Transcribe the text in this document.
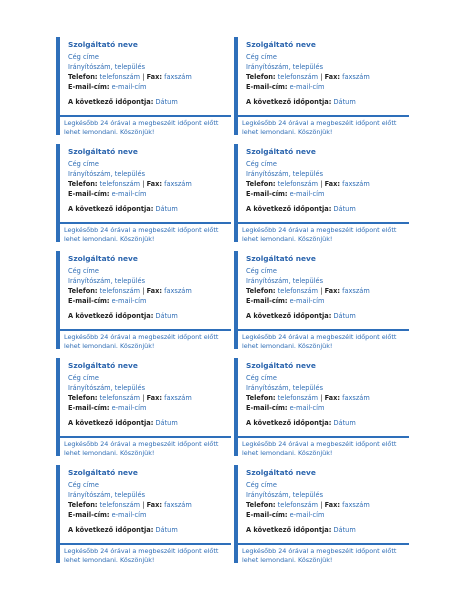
Szolgáltató neve
Cég címe
Irányítószám, település
Telefon: telefonszám | Fax: faxszám
E-mail-cím: e-mail-cím
A következő időpontja: Dátum
Legkésőbb 24 órával a megbeszélt időpont előtt lehet lemondani. Köszönjük!
Szolgáltató neve
Cég címe
Irányítószám, település
Telefon: telefonszám | Fax: faxszám
E-mail-cím: e-mail-cím
A következő időpontja: Dátum
Legkésőbb 24 órával a megbeszélt időpont előtt lehet lemondani. Köszönjük!
Szolgáltató neve
Cég címe
Irányítószám, település
Telefon: telefonszám | Fax: faxszám
E-mail-cím: e-mail-cím
A következő időpontja: Dátum
Legkésőbb 24 órával a megbeszélt időpont előtt lehet lemondani. Köszönjük!
Szolgáltató neve
Cég címe
Irányítószám, település
Telefon: telefonszám | Fax: faxszám
E-mail-cím: e-mail-cím
A következő időpontja: Dátum
Legkésőbb 24 órával a megbeszélt időpont előtt lehet lemondani. Köszönjük!
Szolgáltató neve
Cég címe
Irányítószám, település
Telefon: telefonszám | Fax: faxszám
E-mail-cím: e-mail-cím
A következő időpontja: Dátum
Legkésőbb 24 órával a megbeszélt időpont előtt lehet lemondani. Köszönjük!
Szolgáltató neve
Cég címe
Irányítószám, település
Telefon: telefonszám | Fax: faxszám
E-mail-cím: e-mail-cím
A következő időpontja: Dátum
Legkésőbb 24 órával a megbeszélt időpont előtt lehet lemondani. Köszönjük!
Szolgáltató neve
Cég címe
Irányítószám, település
Telefon: telefonszám | Fax: faxszám
E-mail-cím: e-mail-cím
A következő időpontja: Dátum
Legkésőbb 24 órával a megbeszélt időpont előtt lehet lemondani. Köszönjük!
Szolgáltató neve
Cég címe
Irányítószám, település
Telefon: telefonszám | Fax: faxszám
E-mail-cím: e-mail-cím
A következő időpontja: Dátum
Legkésőbb 24 órával a megbeszélt időpont előtt lehet lemondani. Köszönjük!
Szolgáltató neve
Cég címe
Irányítószám, település
Telefon: telefonszám | Fax: faxszám
E-mail-cím: e-mail-cím
A következő időpontja: Dátum
Legkésőbb 24 órával a megbeszélt időpont előtt lehet lemondani. Köszönjük!
Szolgáltató neve
Cég címe
Irányítószám, település
Telefon: telefonszám | Fax: faxszám
E-mail-cím: e-mail-cím
A következő időpontja: Dátum
Legkésőbb 24 órával a megbeszélt időpont előtt lehet lemondani. Köszönjük!
